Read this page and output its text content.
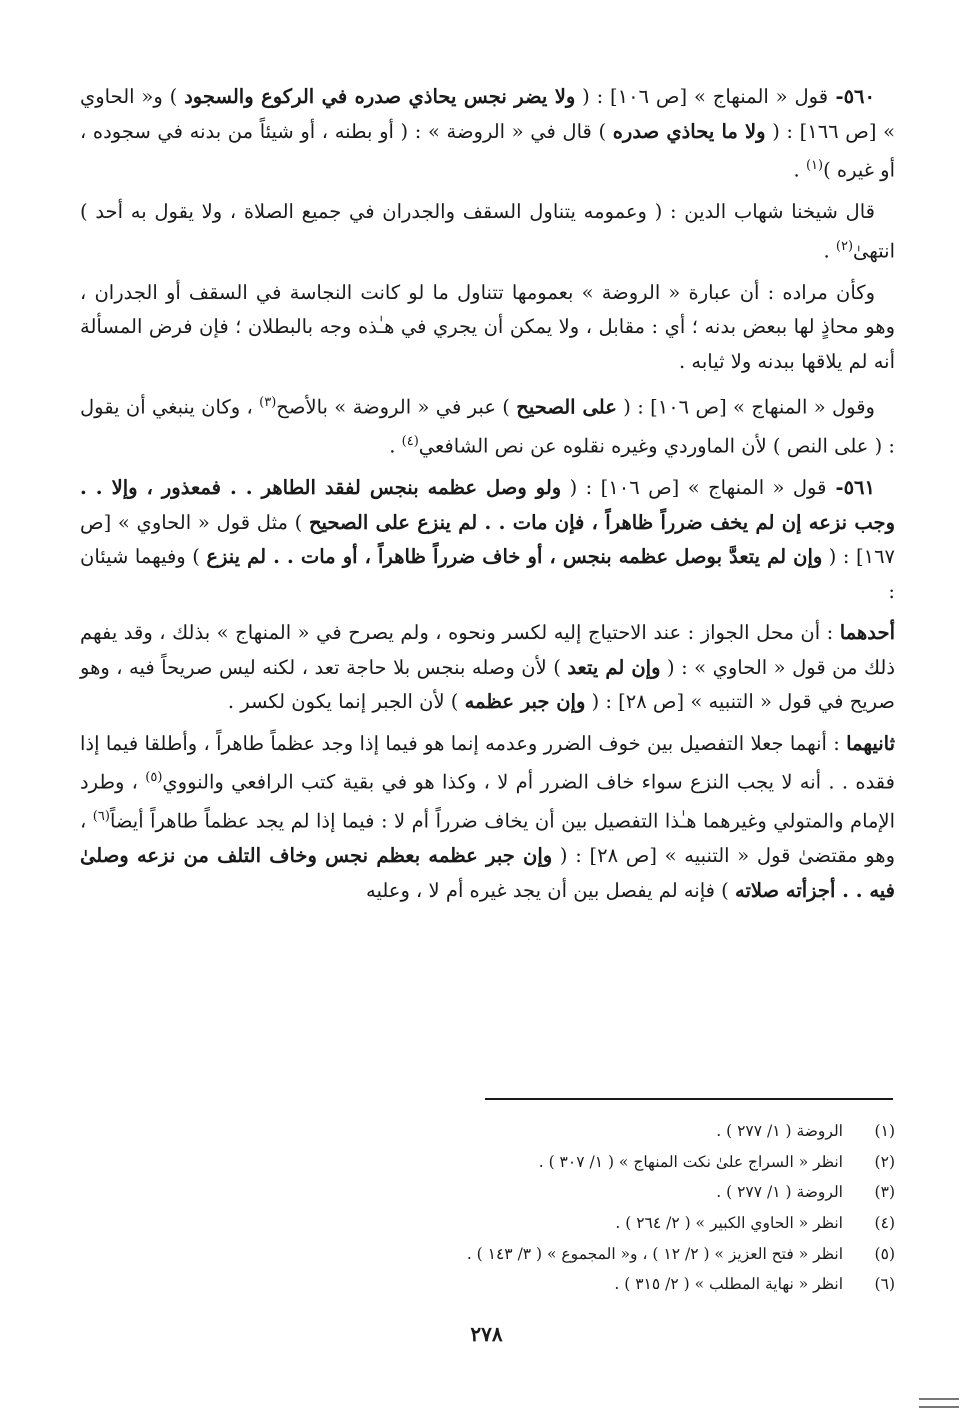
٥٦٠- قول « المنهاج » [ص ١٠٦] : ( ولا يضر نجس يحاذي صدره في الركوع والسجود ) و« الحاوي » [ص ١٦٦] : ( ولا ما يحاذي صدره ) قال في « الروضة » : ( أو بطنه ، أو شيئاً من بدنه في سجوده ، أو غيره )$^{(١)}$ .

قال شيخنا شهاب الدين : ( وعمومه يتناول السقف والجدران في جميع الصلاة ، ولا يقول به أحد ) انتهىٰ$^{(٢)}$ .

وكأن مراده : أن عبارة « الروضة » بعمومها تتناول ما لو كانت النجاسة في السقف أو الجدران ، وهو محاذٍ لها ببعض بدنه ؛ أي : مقابل ، ولا يمكن أن يجري في هـٰذه وجه بالبطلان ؛ فإن فرض المسألة أنه لم يلاقها ببدنه ولا ثيابه .

وقول « المنهاج » [ص ١٠٦] : ( على الصحيح ) عبر في « الروضة » بالأصح$^{(٣)}$ ، وكان ينبغي أن يقول : ( على النص ) لأن الماوردي وغيره نقلوه عن نص الشافعي$^{(٤)}$ .

٥٦١- قول « المنهاج » [ص ١٠٦] : ( ولو وصل عظمه بنجس لفقد الطاهر . . فمعذور ، وإلا . . وجب نزعه إن لم يخف ضرراً ظاهراً ، فإن مات . . لم ينزع على الصحيح ) مثل قول « الحاوي » [ص ١٦٧] : ( وإن لم يتعدَّ بوصل عظمه بنجس ، أو خاف ضرراً ظاهراً ، أو مات . . لم ينزع ) وفيهما شيئان :

أحدهما : أن محل الجواز : عند الاحتياج إليه لكسر ونحوه ، ولم يصرح في « المنهاج » بذلك ، وقد يفهم ذلك من قول « الحاوي » : ( وإن لم يتعد ) لأن وصله بنجس بلا حاجة تعد ، لكنه ليس صريحاً فيه ، وهو صريح في قول « التنبيه » [ص ٢٨] : ( وإن جبر عظمه ) لأن الجبر إنما يكون لكسر .

ثانيهما : أنهما جعلا التفصيل بين خوف الضرر وعدمه إنما هو فيما إذا وجد عظماً طاهراً ، وأطلقا فيما إذا فقده . . أنه لا يجب النزع سواء خاف الضرر أم لا ، وكذا هو في بقية كتب الرافعي والنووي$^{(٥)}$ ، وطرد الإمام والمتولي وغيرهما هـٰذا التفصيل بين أن يخاف ضرراً أم لا : فيما إذا لم يجد عظماً طاهراً أيضاً$^{(٦)}$ ، وهو مقتضىٰ قول « التنبيه » [ص ٢٨] : ( وإن جبر عظمه بعظم نجس وخاف التلف من نزعه وصلىٰ فيه . . أجزأته صلاته ) فإنه لم يفصل بين أن يجد غيره أم لا ، وعليه

(١)الروضة ( ١/ ٢٧٧ ) .
(٢)انظر « السراج علىٰ نكت المنهاج » ( ١/ ٣٠٧ ) .
(٣)الروضة ( ١/ ٢٧٧ ) .
(٤)انظر « الحاوي الكبير » ( ٢/ ٢٦٤ ) .
(٥)انظر « فتح العزيز » ( ٢/ ١٢ ) ، و« المجموع » ( ٣/ ١٤٣ ) .
(٦)انظر « نهاية المطلب » ( ٢/ ٣١٥ ) .
٢٧٨
